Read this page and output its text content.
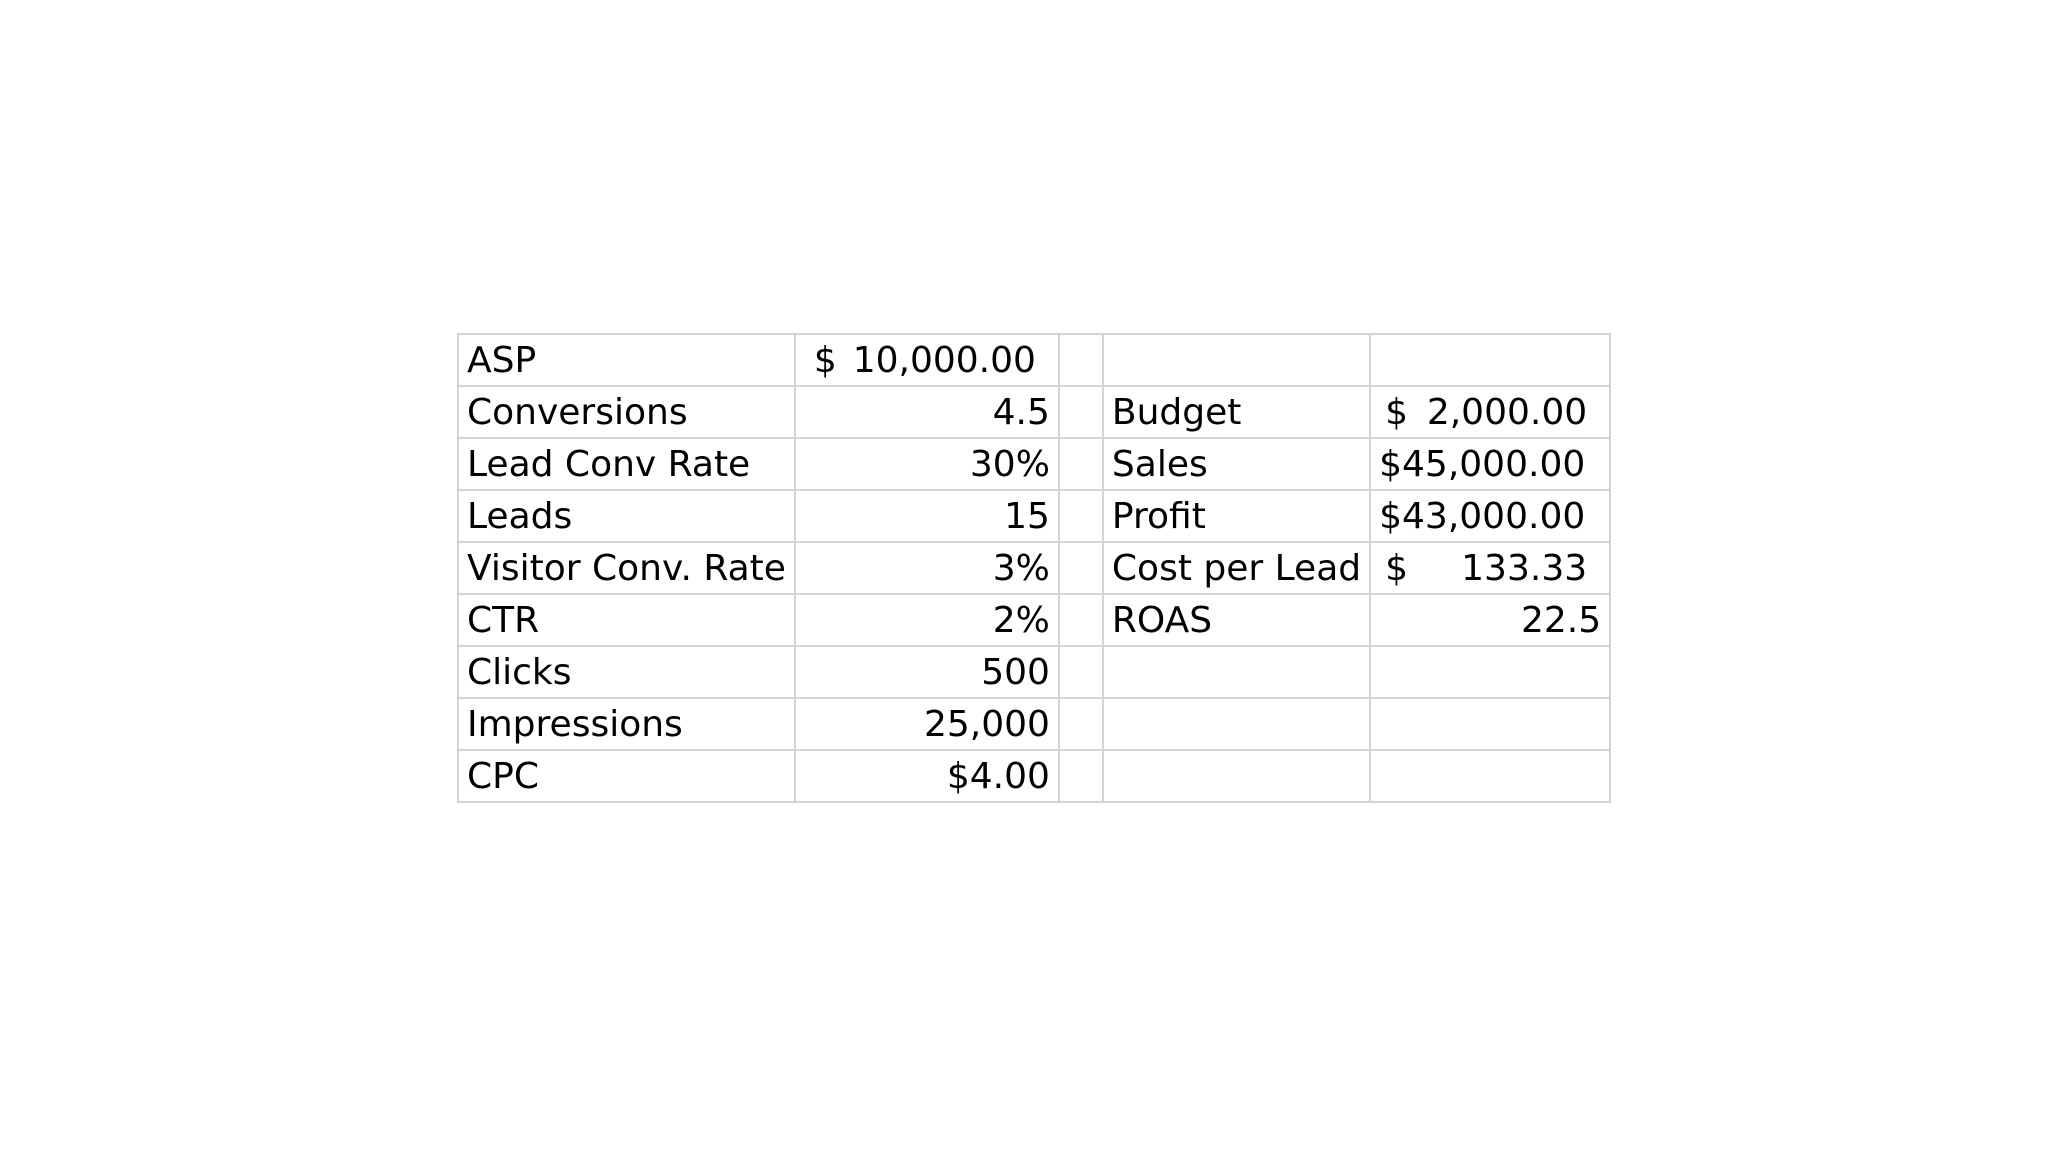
ASP	$ 10,000.00			

Conversions	4.5		Budget	$ 2,000.00

Lead Conv Rate	30%		Sales	$45,000.00
Leads	15		Profit	$43,000.00
Visitor Conv. Rate	3%		Cost per Lead	$ 133.33

CTR	2%		ROAS	22.5
Clicks	500			
Impressions	25,000			
CPC	$4.00			
